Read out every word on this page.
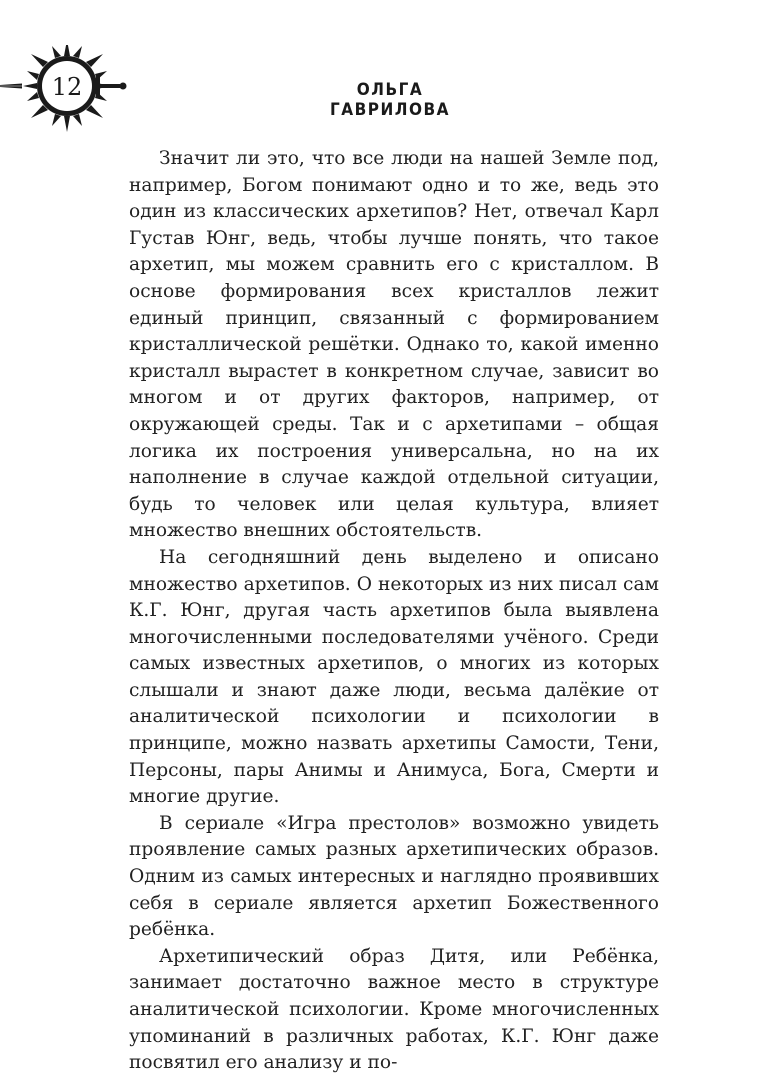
12	ОЛЬГА ГАВРИЛОВА

Значит ли это, что все люди на нашей Земле под, например, Богом понимают одно и то же, ведь это один из классических архетипов? Нет, отвечал Карл Густав Юнг, ведь, чтобы лучше понять, что такое архетип, мы можем сравнить его с кристаллом. В основе формирования всех кристаллов лежит единый принцип, связанный с формированием кристаллической решётки. Однако то, какой именно кристалл вырастет в конкретном случае, зависит во многом и от других факторов, например, от окружающей среды. Так и с архетипами – общая логика их построения универсальна, но на их наполнение в случае каждой отдельной ситуации, будь то человек или целая культура, влияет множество внешних обстоятельств.

На сегодняшний день выделено и описано множество архетипов. О некоторых из них писал сам К.Г. Юнг, другая часть архетипов была выявлена многочисленными последователями учёного. Среди самых известных архетипов, о многих из которых слышали и знают даже люди, весьма далёкие от аналитической психологии и психологии в принципе, можно назвать архетипы Самости, Тени, Персоны, пары Анимы и Анимуса, Бога, Смерти и многие другие.

В сериале «Игра престолов» возможно увидеть проявление самых разных архетипических образов. Одним из самых интересных и наглядно проявивших себя в сериале является архетип Божественного ребёнка.

Архетипический образ Дитя, или Ребёнка, занимает достаточно важное место в структуре аналитической психологии. Кроме многочисленных упоминаний в различных работах, К.Г. Юнг даже посвятил его анализу и по-
